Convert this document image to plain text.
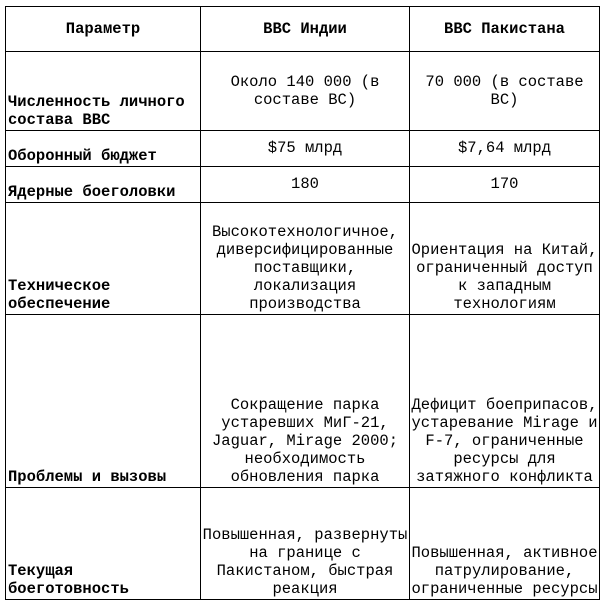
Параметр	ВВС Индии	ВВС Пакистана
Численность личного состава ВВС	Около 140 000 (в составе ВС)	70 000 (в составе ВС)
Оборонный бюджет	$75 млрд	$7,64 млрд
Ядерные боеголовки	180	170
Техническое обеспечение	Высокотехнологичное, диверсифицированные поставщики, локализация производства	Ориентация на Китай, ограниченный доступ к западным технологиям
Проблемы и вызовы	Сокращение парка устаревших МиГ-21, Jaguar, Mirage 2000; необходимость обновления парка	Дефицит боеприпасов, устаревание Mirage и F-7, ограниченные ресурсы для затяжного конфликта
Текущая боеготовность	Повышенная, развернуты на границе с Пакистаном, быстрая реакция	Повышенная, активное патрулирование, ограниченные ресурсы
